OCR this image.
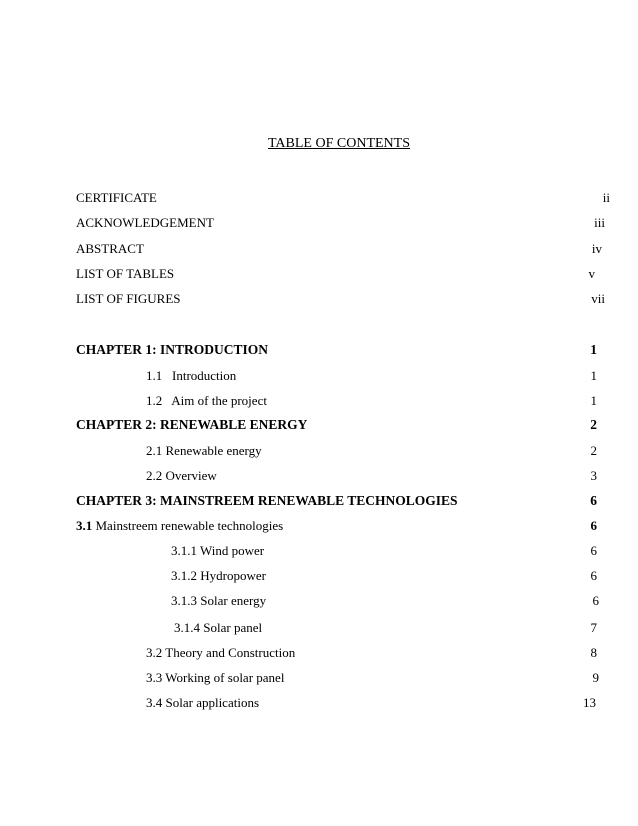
TABLE OF CONTENTS
CERTIFICATE	ii
ACKNOWLEDGEMENT	iii
ABSTRACT	iv
LIST OF TABLES	v
LIST OF FIGURES	vii
CHAPTER 1: INTRODUCTION	1
1.1   Introduction	1
1.2   Aim of the project	1
CHAPTER 2: RENEWABLE ENERGY	2
2.1 Renewable energy	2
2.2 Overview	3
CHAPTER 3: MAINSTREEM RENEWABLE TECHNOLOGIES	6
3.1 Mainstreem renewable technologies	6
3.1.1 Wind power	6
3.1.2 Hydropower	6
3.1.3 Solar energy	6
3.1.4 Solar panel	7
3.2 Theory and Construction	8
3.3 Working of solar panel	9
3.4 Solar applications	13
